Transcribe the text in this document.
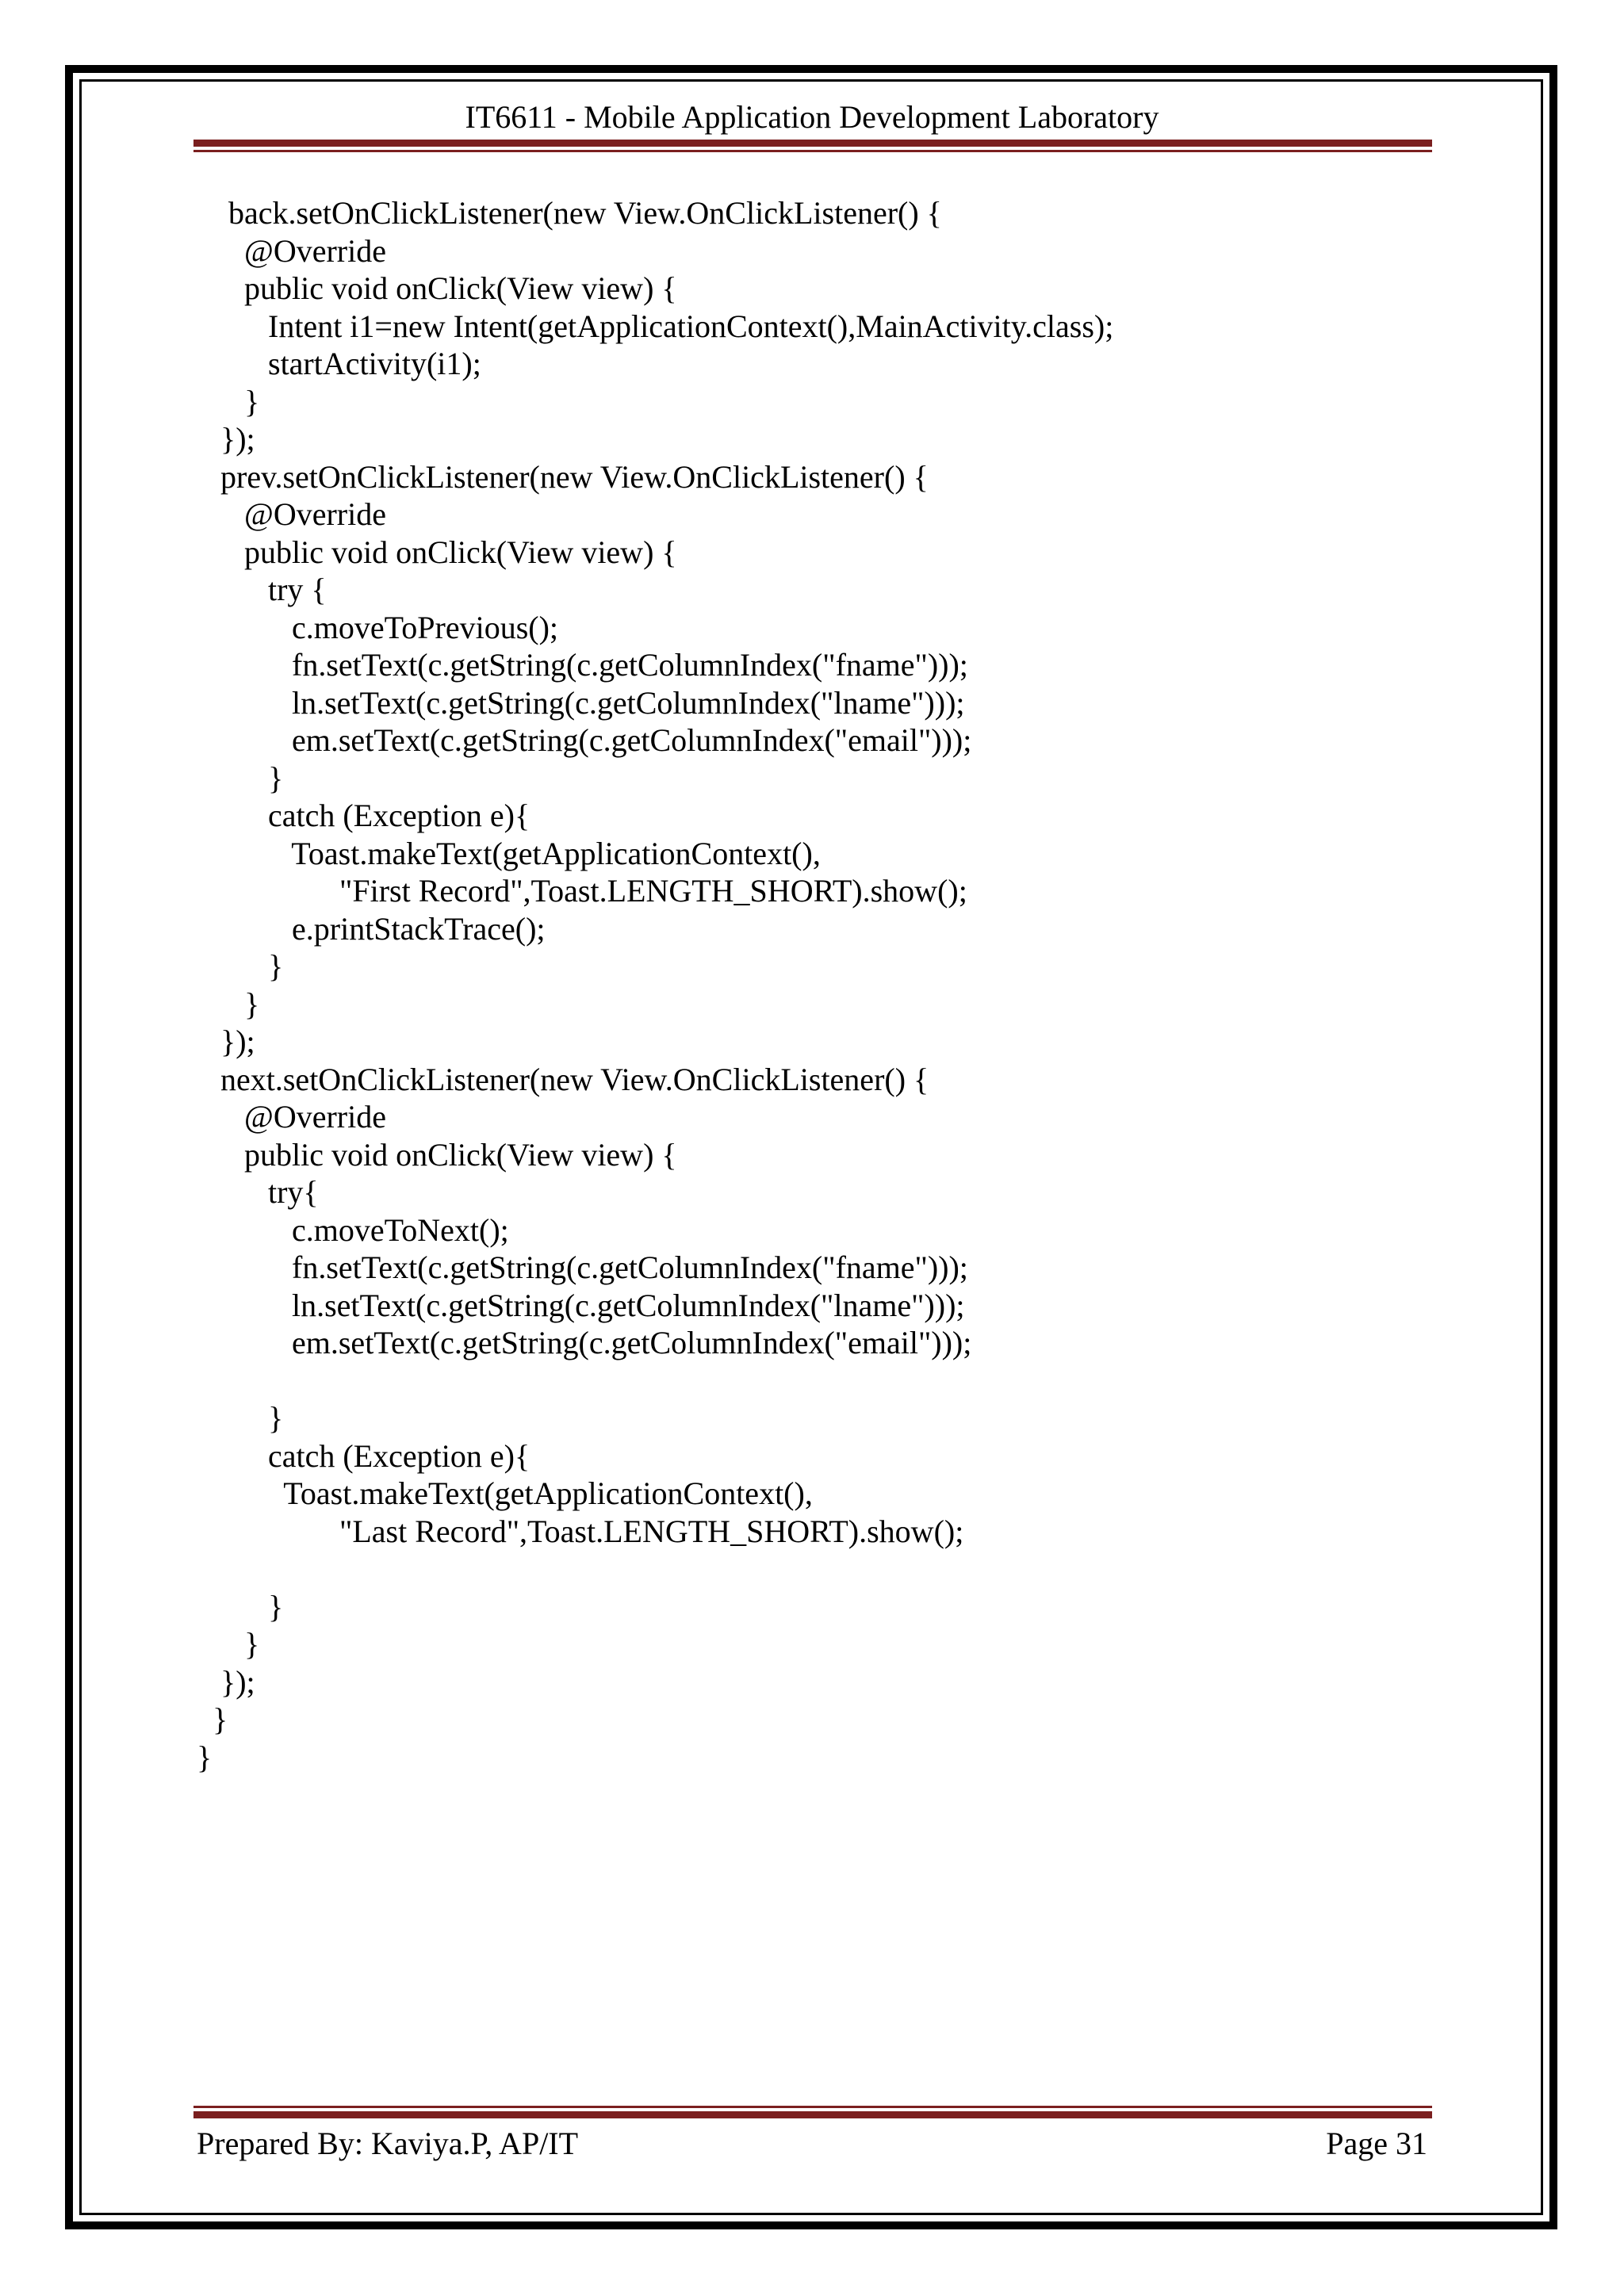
IT6611 - Mobile Application Development Laboratory
back.setOnClickListener(new View.OnClickListener() {
@Override
public void onClick(View view) {
Intent i1=new Intent(getApplicationContext(),MainActivity.class);
startActivity(i1);
}
});
prev.setOnClickListener(new View.OnClickListener() {
@Override
public void onClick(View view) {
try {
c.moveToPrevious();
fn.setText(c.getString(c.getColumnIndex("fname")));
ln.setText(c.getString(c.getColumnIndex("lname")));
em.setText(c.getString(c.getColumnIndex("email")));
}
catch (Exception e){
Toast.makeText(getApplicationContext(),
"First Record",Toast.LENGTH_SHORT).show();
e.printStackTrace();
}
}
});
next.setOnClickListener(new View.OnClickListener() {
@Override
public void onClick(View view) {
try{
c.moveToNext();
fn.setText(c.getString(c.getColumnIndex("fname")));
ln.setText(c.getString(c.getColumnIndex("lname")));
em.setText(c.getString(c.getColumnIndex("email")));
}
catch (Exception e){
Toast.makeText(getApplicationContext(),
"Last Record",Toast.LENGTH_SHORT).show();
}
}
});
}
}
Prepared By: Kaviya.P, AP/IT	Page 31
